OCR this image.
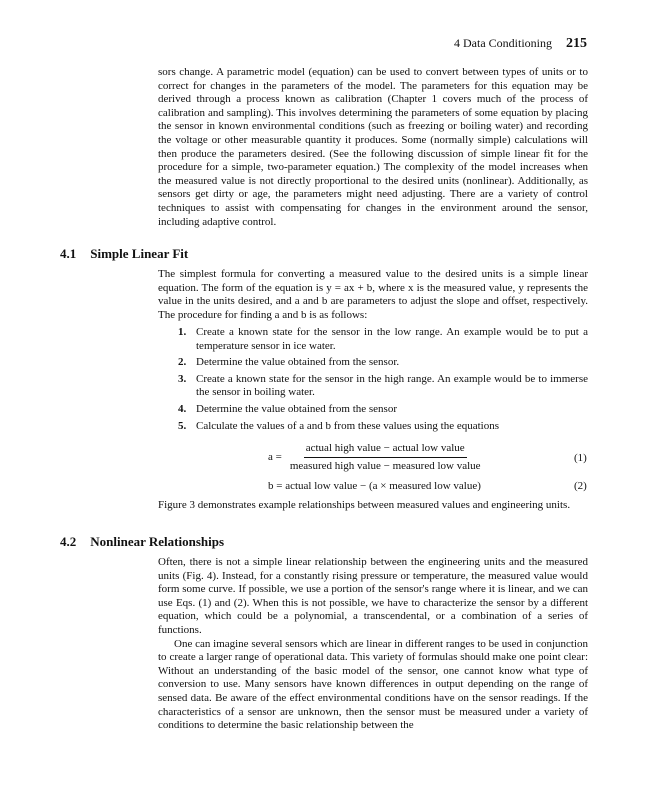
4 Data Conditioning 215

sors change. A parametric model (equation) can be used to convert between types of units or to correct for changes in the parameters of the model. The parameters for this equation may be derived through a process known as calibration (Chapter 1 covers much of the process of calibration and sampling). This involves determining the parameters of some equation by placing the sensor in known environmental conditions (such as freezing or boiling water) and recording the voltage or other measurable quantity it produces. Some (normally simple) calculations will then produce the parameters desired. (See the following discussion of simple linear fit for the procedure for a simple, two-parameter equation.) The complexity of the model increases when the measured value is not directly proportional to the desired units (nonlinear). Additionally, as sensors get dirty or age, the parameters might need adjusting. There are a variety of control techniques to assist with compensating for changes in the environment around the sensor, including adaptive control.

4.1 Simple Linear Fit

The simplest formula for converting a measured value to the desired units is a simple linear equation. The form of the equation is y = ax + b, where x is the measured value, y represents the value in the units desired, and a and b are parameters to adjust the slope and offset, respectively. The procedure for finding a and b is as follows:

1. Create a known state for the sensor in the low range. An example would be to put a temperature sensor in ice water.
2. Determine the value obtained from the sensor.
3. Create a known state for the sensor in the high range. An example would be to immerse the sensor in boiling water.
4. Determine the value obtained from the sensor
5. Calculate the values of a and b from these values using the equations
$a = \frac{\text{actual high value − actual low value}}{\text{measured high value − measured low value}}$	(1)
b = actual low value − (a × measured low value)	(2)

Figure 3 demonstrates example relationships between measured values and engineering units.

4.2 Nonlinear Relationships

Often, there is not a simple linear relationship between the engineering units and the measured units (Fig. 4). Instead, for a constantly rising pressure or temperature, the measured value would form some curve. If possible, we use a portion of the sensor's range where it is linear, and we can use Eqs. (1) and (2). When this is not possible, we have to characterize the sensor by a different equation, which could be a polynomial, a transcendental, or a combination of a series of functions.

One can imagine several sensors which are linear in different ranges to be used in conjunction to create a larger range of operational data. This variety of formulas should make one point clear: Without an understanding of the basic model of the sensor, one cannot know what type of conversion to use. Many sensors have known differences in output depending on the range of sensed data. Be aware of the effect environmental conditions have on the sensor readings. If the characteristics of a sensor are unknown, then the sensor must be measured under a variety of conditions to determine the basic relationship between the
